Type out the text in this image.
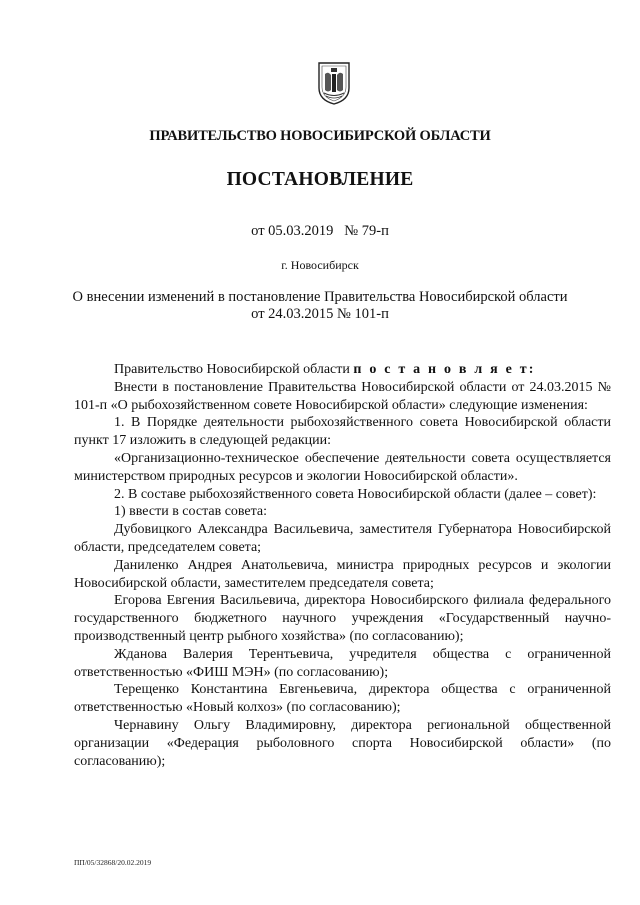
ПРАВИТЕЛЬСТВО НОВОСИБИРСКОЙ ОБЛАСТИ
ПОСТАНОВЛЕНИЕ
от 05.03.2019 № 79-п
г. Новосибирск
О внесении изменений в постановление Правительства Новосибирской области
от 24.03.2015 № 101-п

Правительство Новосибирской области п о с т а н о в л я е т:

Внести в постановление Правительства Новосибирской области от 24.03.2015 № 101-п «О рыбохозяйственном совете Новосибирской области» следующие изменения:

1. В Порядке деятельности рыбохозяйственного совета Новосибирской области пункт 17 изложить в следующей редакции:

«Организационно-техническое обеспечение деятельности совета осуществляется министерством природных ресурсов и экологии Новосибирской области».

2. В составе рыбохозяйственного совета Новосибирской области (далее – совет):

1) ввести в состав совета:

Дубовицкого Александра Васильевича, заместителя Губернатора Новосибирской области, председателем совета;

Даниленко Андрея Анатольевича, министра природных ресурсов и экологии Новосибирской области, заместителем председателя совета;

Егорова Евгения Васильевича, директора Новосибирского филиала федерального государственного бюджетного научного учреждения «Государственный научно-производственный центр рыбного хозяйства» (по согласованию);

Жданова Валерия Терентьевича, учредителя общества с ограниченной ответственностью «ФИШ МЭН» (по согласованию);

Терещенко Константина Евгеньевича, директора общества с ограниченной ответственностью «Новый колхоз» (по согласованию);

Чернавину Ольгу Владимировну, директора региональной общественной организации «Федерация рыболовного спорта Новосибирской области» (по согласованию);

ПП/05/32868/20.02.2019
